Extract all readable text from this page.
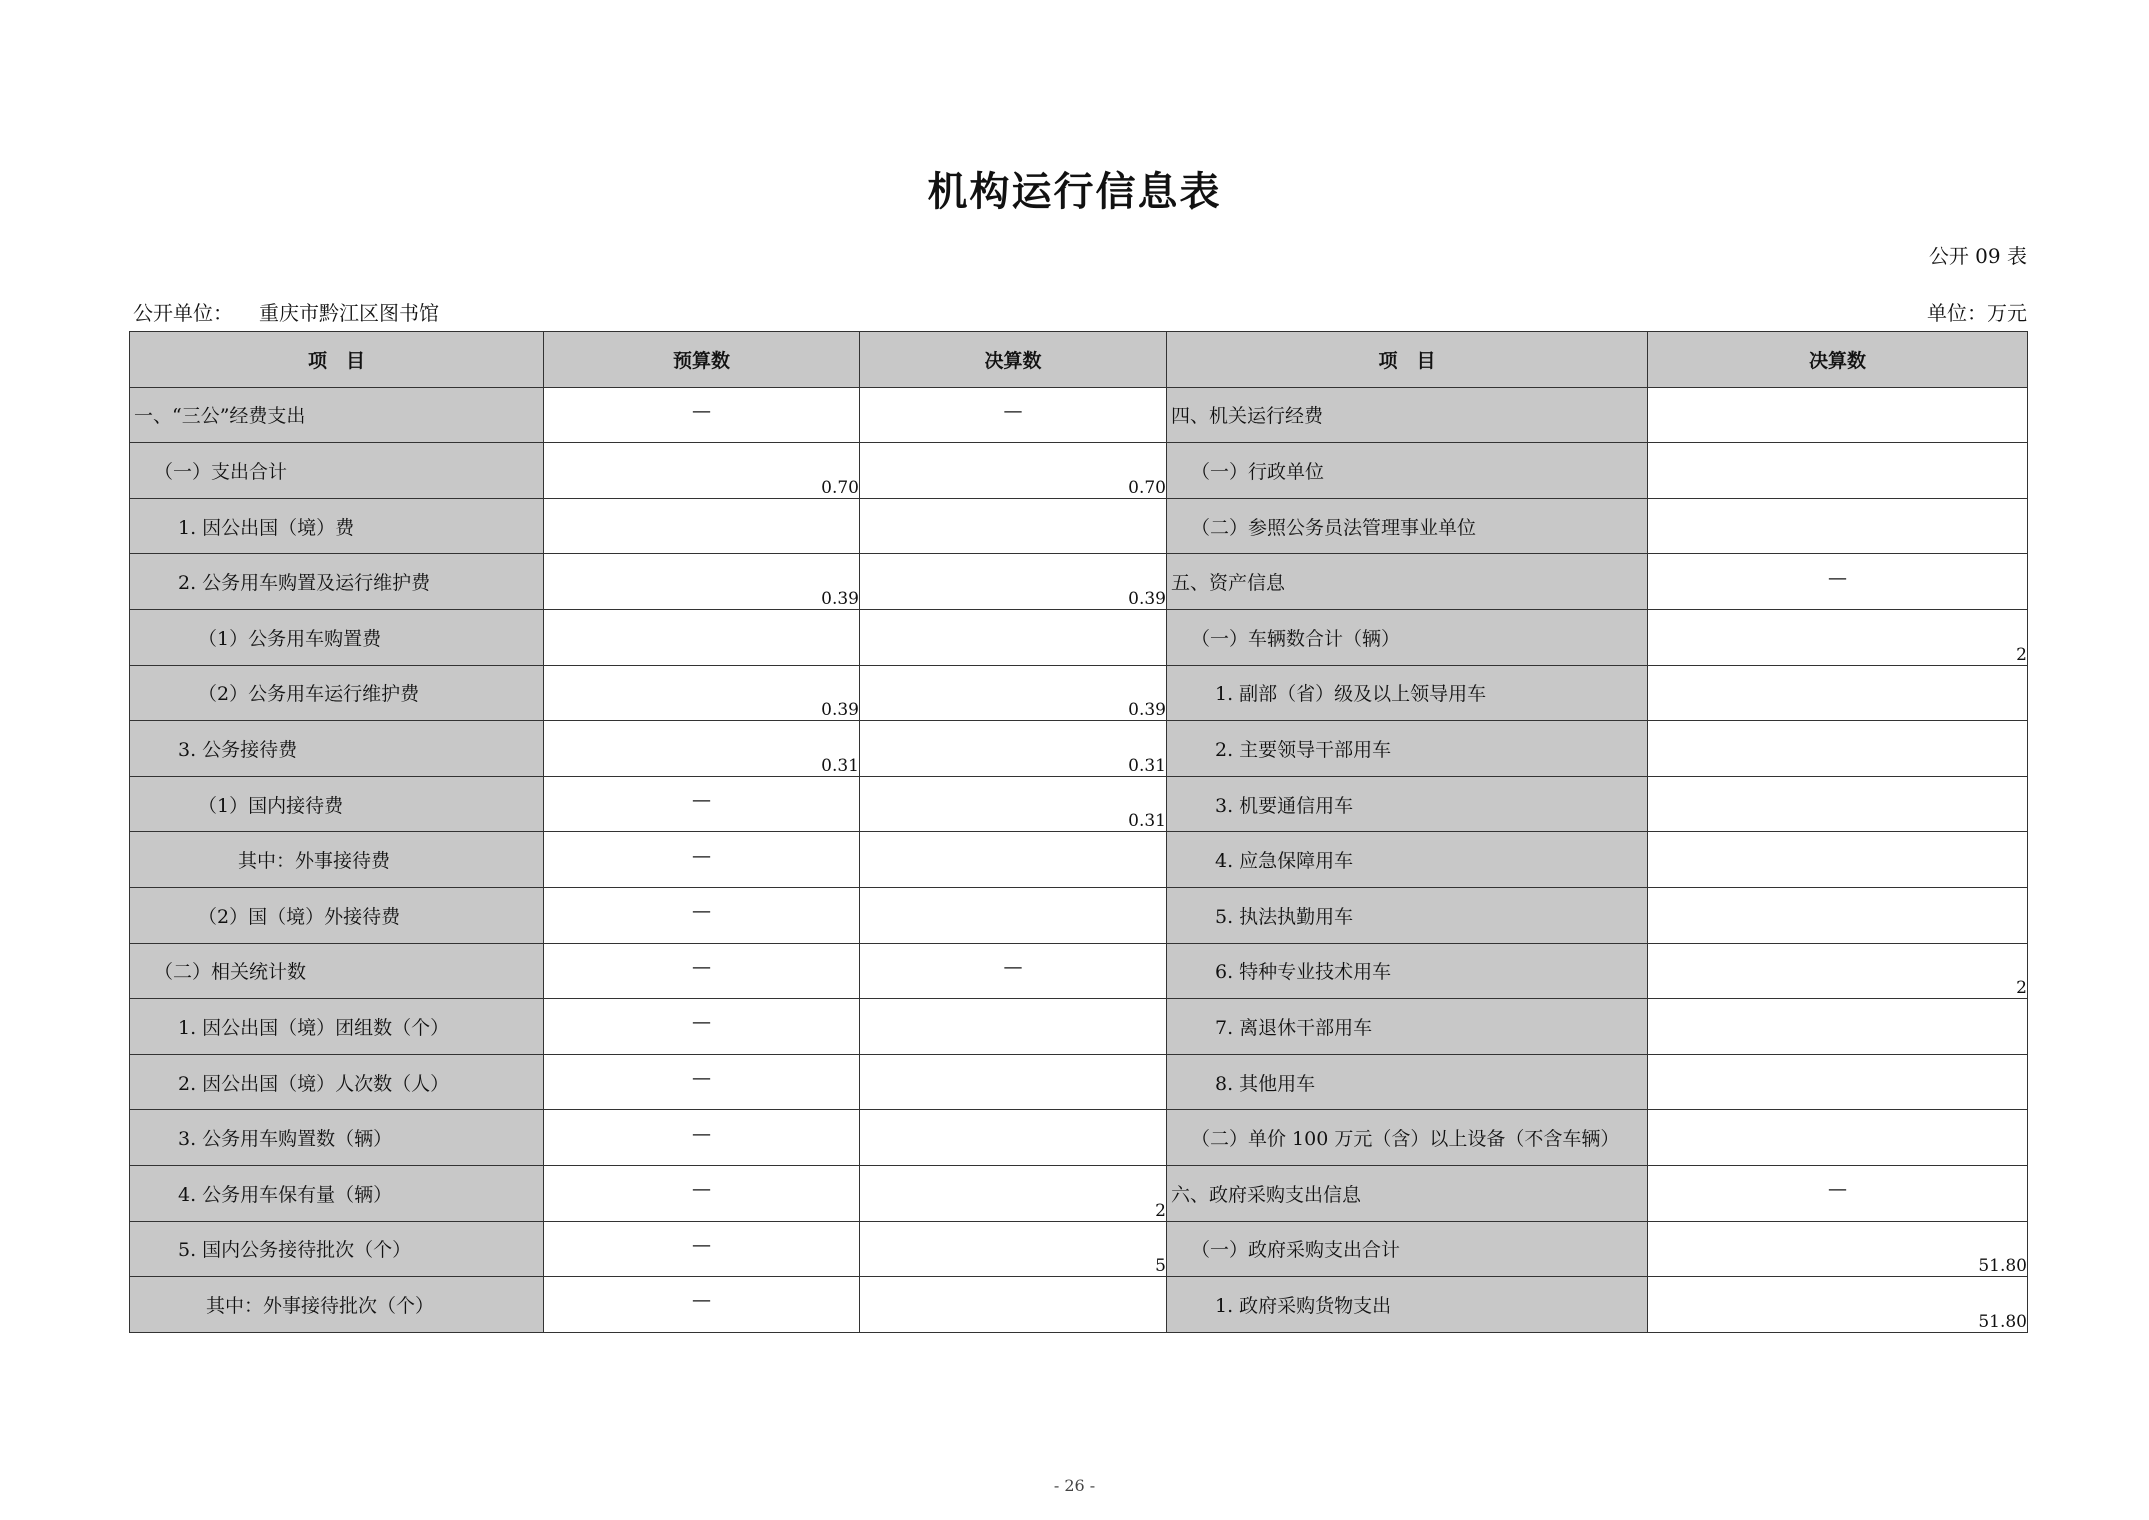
机构运行信息表
公开 09 表
公开单位： 重庆市黔江区图书馆	单位：万元
项　目	预算数	决算数	项　目	决算数
一、“三公”经费支出	—	—	四、机关运行经费	
（一）支出合计	0.70	0.70	（一）行政单位	
1. 因公出国（境）费			（二）参照公务员法管理事业单位	
2. 公务用车购置及运行维护费	0.39	0.39	五、资产信息	—
（1）公务用车购置费			（一）车辆数合计（辆）	2
（2）公务用车运行维护费	0.39	0.39	1. 副部（省）级及以上领导用车	
3. 公务接待费	0.31	0.31	2. 主要领导干部用车	
（1）国内接待费	—	0.31	3. 机要通信用车	
其中：外事接待费	—		4. 应急保障用车	
（2）国（境）外接待费	—		5. 执法执勤用车	
（二）相关统计数	—	—	6. 特种专业技术用车	2
1. 因公出国（境）团组数（个）	—		7. 离退休干部用车	
2. 因公出国（境）人次数（人）	—		8. 其他用车	
3. 公务用车购置数（辆）	—		（二）单价 100 万元（含）以上设备（不含车辆）	
4. 公务用车保有量（辆）	—	2	六、政府采购支出信息	—
5. 国内公务接待批次（个）	—	5	（一）政府采购支出合计	51.80
其中：外事接待批次（个）	—		1. 政府采购货物支出	51.80
- 26 -
